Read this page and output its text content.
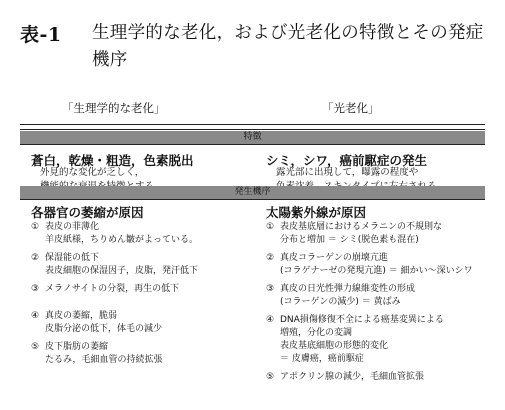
表-1 生理学的な老化，および光老化の特徴とその発症機序
「生理学的な老化」	「光老化」
特徴
蒼白，乾燥・粗造，色素脱出
外見的な変化が乏しく，
シミ，シワ，癌前駆症の発生
露光部に出現して，曝露の程度や
発生機序
各器官の萎縮が原因
① 表皮の菲薄化
羊皮紙様，ちりめん皺がよっている。
② 保湿能の低下
表皮細胞の保湿因子，皮脂，発汗低下
③ メラノサイトの分裂，再生の低下
④ 真皮の萎縮，脆弱
皮脂分泌の低下，体毛の減少
⑤ 皮下脂肪の萎縮
たるみ，毛細血管の持続拡張
太陽紫外線が原因
① 表皮基底層におけるメラニンの不規則な
分布と増加 ＝ シミ(脱色素も混在)
② 真皮コラーゲンの崩壊亢進
(コラゲナーゼの発現亢進) ＝ 細かい～深いシワ
③ 真皮の日光性弾力線維変性の形成
(コラーゲンの減少) ＝ 黄ばみ
④ DNA損傷修復不全による癌基変異による
増殖，分化の変調
表皮基底細胞の形態的変化
＝ 皮膚癌，癌前駆症
⑤ アポクリン腺の減少，毛細血管拡張
